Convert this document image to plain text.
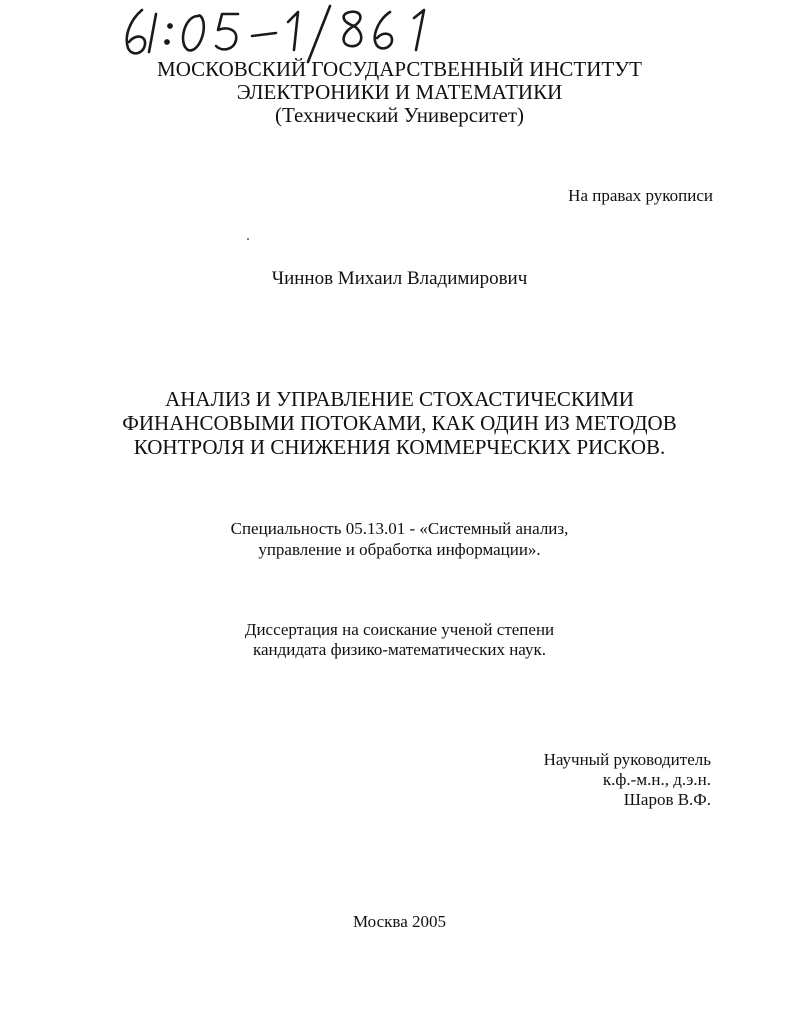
МОСКОВСКИЙ ГОСУДАРСТВЕННЫЙ ИНСТИТУТ
ЭЛЕКТРОНИКИ И МАТЕМАТИКИ
(Технический Университет)
На правах рукописи
Чиннов Михаил Владимирович
АНАЛИЗ И УПРАВЛЕНИЕ СТОХАСТИЧЕСКИМИ
ФИНАНСОВЫМИ ПОТОКАМИ, КАК ОДИН ИЗ МЕТОДОВ
КОНТРОЛЯ И СНИЖЕНИЯ КОММЕРЧЕСКИХ РИСКОВ.
Специальность 05.13.01 - «Системный анализ,
управление и обработка информации».
Диссертация на соискание ученой степени
кандидата физико-математических наук.
Научный руководитель
к.ф.-м.н., д.э.н.
Шаров В.Ф.
Москва 2005
